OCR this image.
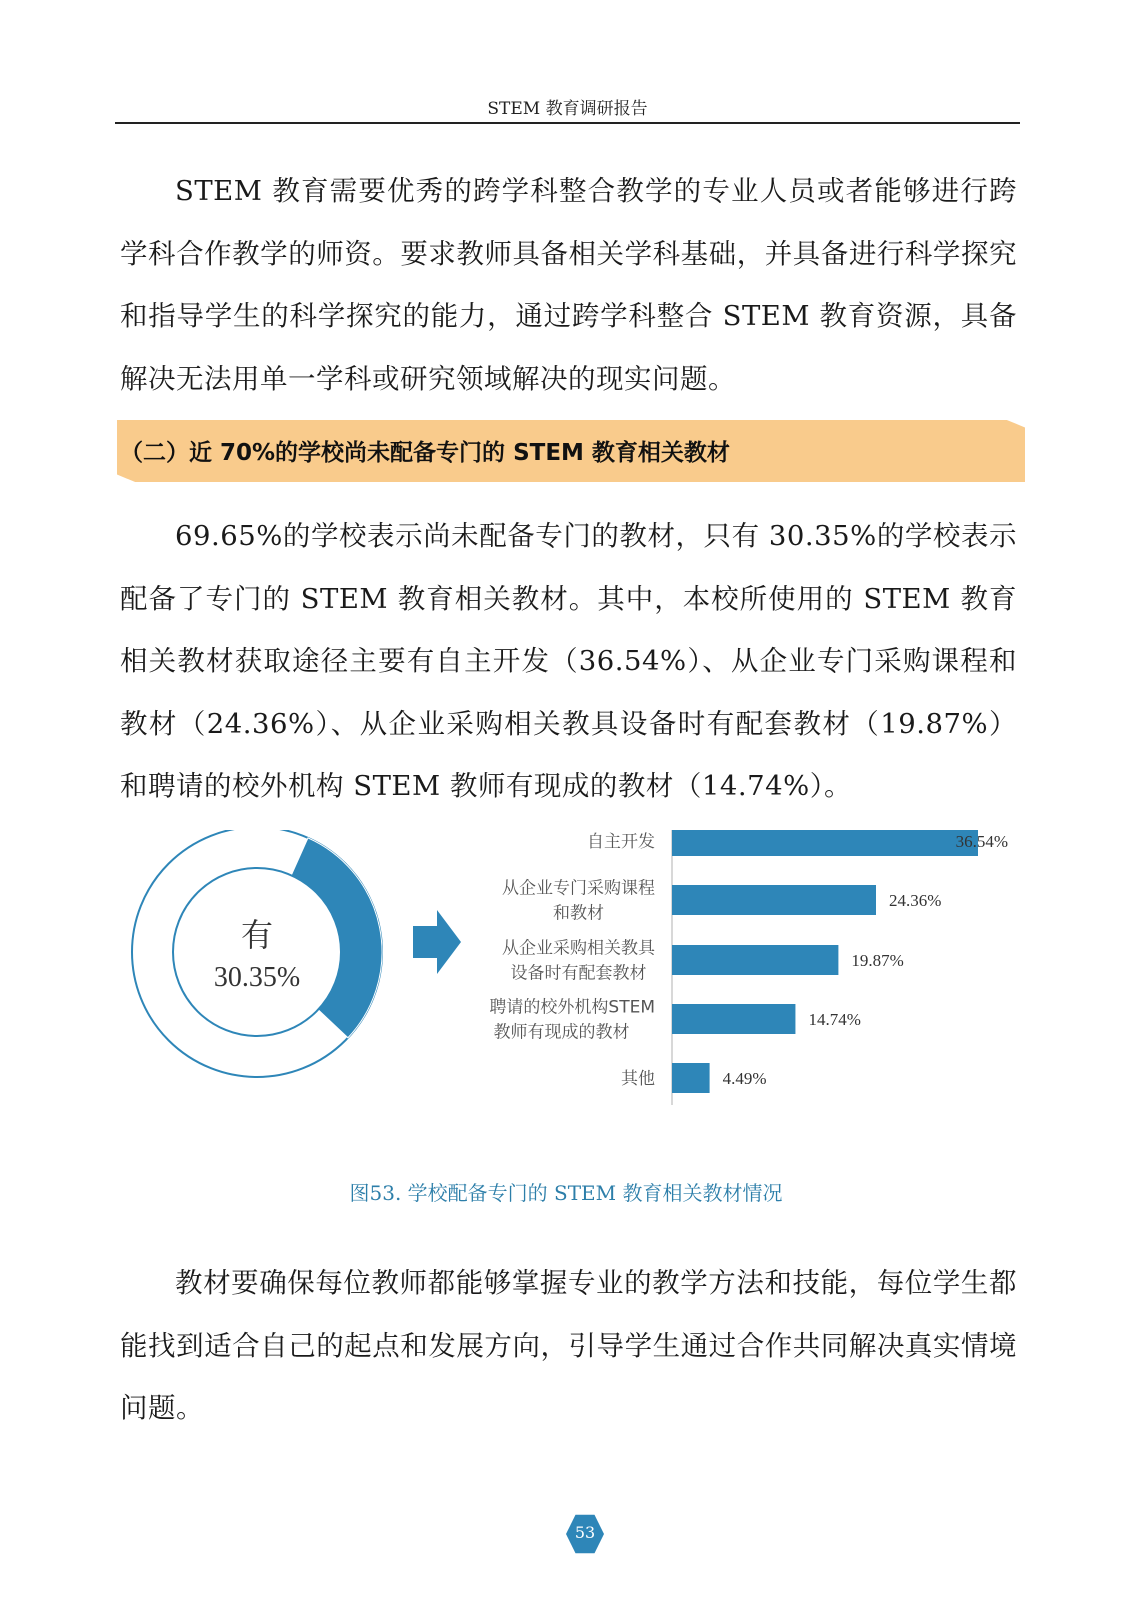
STEM 教育调研报告

STEM 教育需要优秀的跨学科整合教学的专业人员或者能够进行跨学科合作教学的师资。要求教师具备相关学科基础，并具备进行科学探究和指导学生的科学探究的能力，通过跨学科整合 STEM 教育资源，具备解决无法用单一学科或研究领域解决的现实问题。

（二）近 70%的学校尚未配备专门的 STEM 教育相关教材

69.65%的学校表示尚未配备专门的教材，只有 30.35%的学校表示配备了专门的 STEM 教育相关教材。其中，本校所使用的 STEM 教育相关教材获取途径主要有自主开发（36.54%）、从企业专门采购课程和教材（24.36%）、从企业采购相关教具设备时有配套教材（19.87%）和聘请的校外机构 STEM 教师有现成的教材（14.74%）。

有
30.35%
36.54%
自主开发
24.36%
从企业专门采购课程和教材
19.87%
从企业采购相关教具设备时有配套教材
14.74%
聘请的校外机构STEM 教师有现成的教材
4.49%
其他
图53. 学校配备专门的 STEM 教育相关教材情况

教材要确保每位教师都能够掌握专业的教学方法和技能，每位学生都能找到适合自己的起点和发展方向，引导学生通过合作共同解决真实情境问题。

53
